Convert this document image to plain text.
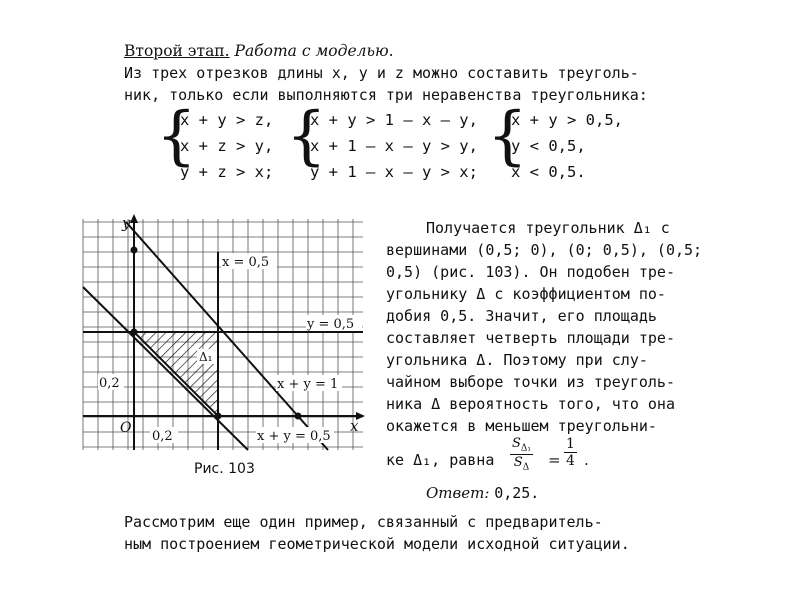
Второй этап. Работа с моделью.
Из трех отрезков длины x, y и z можно составить треуголь-
ник, только если выполняются три неравенства треугольника:
{
x + y > z,
x + z > y,
y + z > x; {
x + y > 1 – x – y,
x + 1 – x – y > y,
y + 1 – x – y > x; {
x + y > 0,5,
y < 0,5,
x < 0,5.
y
x
O
x = 0,5
y = 0,5
x + y = 1
x + y = 0,5
Δ₁
0,2
0,2
Рис. 103
Получается треугольник Δ₁ с
вершинами (0,5; 0), (0; 0,5), (0,5;
0,5) (рис. 103). Он подобен тре-
угольнику Δ с коэффициентом по-
добия 0,5. Значит, его площадь
составляет четверть площади тре-
угольника Δ. Поэтому при слу-
чайном выборе точки из треуголь-
ника Δ вероятность того, что она
окажется в меньшем треугольни-
ке Δ₁, равна $\frac{S_{\Delta_1}}{S_\Delta} = \frac{1}{4}$ .
Ответ: 0,25.
Рассмотрим еще один пример, связанный с предваритель-
ным построением геометрической модели исходной ситуации.
